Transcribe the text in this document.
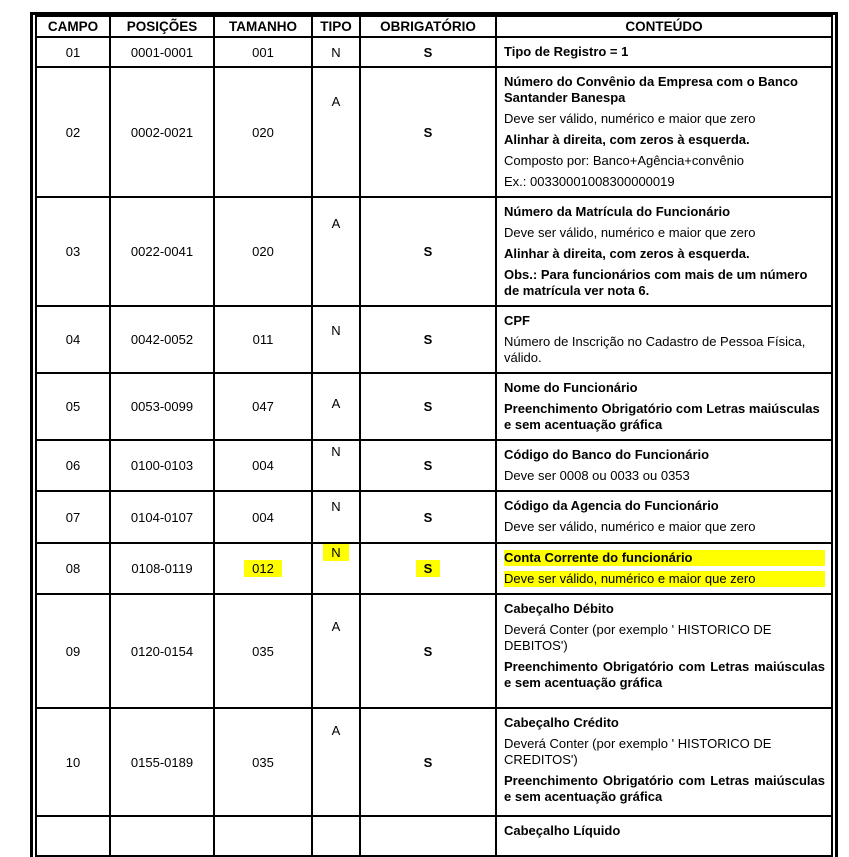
CAMPO	POSIÇÕES	TAMANHO	TIPO	OBRIGATÓRIO	CONTEÚDO
01	0001-0001	001	N	S	Tipo de Registro = 1

02	0002-0021	020	A	S	Número do Convênio da Empresa com o Banco Santander Banespa

Deve ser válido, numérico e maior que zero

Alinhar à direita, com zeros à esquerda.

Composto por: Banco+Agência+convênio

Ex.: 00330001008300000019

03	0022-0041	020	A	S	Número da Matrícula do Funcionário

Deve ser válido, numérico e maior que zero

Alinhar à direita, com zeros à esquerda.

Obs.: Para funcionários com mais de um número de matrícula ver nota 6.

04	0042-0052	011	N	S	CPF

Número de Inscrição no Cadastro de Pessoa Física, válido.

05	0053-0099	047	A	S	Nome do Funcionário

Preenchimento Obrigatório com Letras maiúsculas e sem acentuação gráfica

06	0100-0103	004	N	S	Código do Banco do Funcionário

Deve ser 0008 ou 0033 ou 0353

07	0104-0107	004	N	S	Código da Agencia do Funcionário

Deve ser válido, numérico e maior que zero

08	0108-0119	012	N	S	Conta Corrente do funcionário

Deve ser válido, numérico e maior que zero

09	0120-0154	035	A	S	Cabeçalho Débito

Deverá Conter (por exemplo ' HISTORICO DE DEBITOS')

Preenchimento Obrigatório com Letras maiúsculas e sem acentuação gráfica

10	0155-0189	035	A	S	Cabeçalho Crédito

Deverá Conter (por exemplo ' HISTORICO DE CREDITOS')

Preenchimento Obrigatório com Letras maiúsculas e sem acentuação gráfica

					Cabeçalho Líquido
